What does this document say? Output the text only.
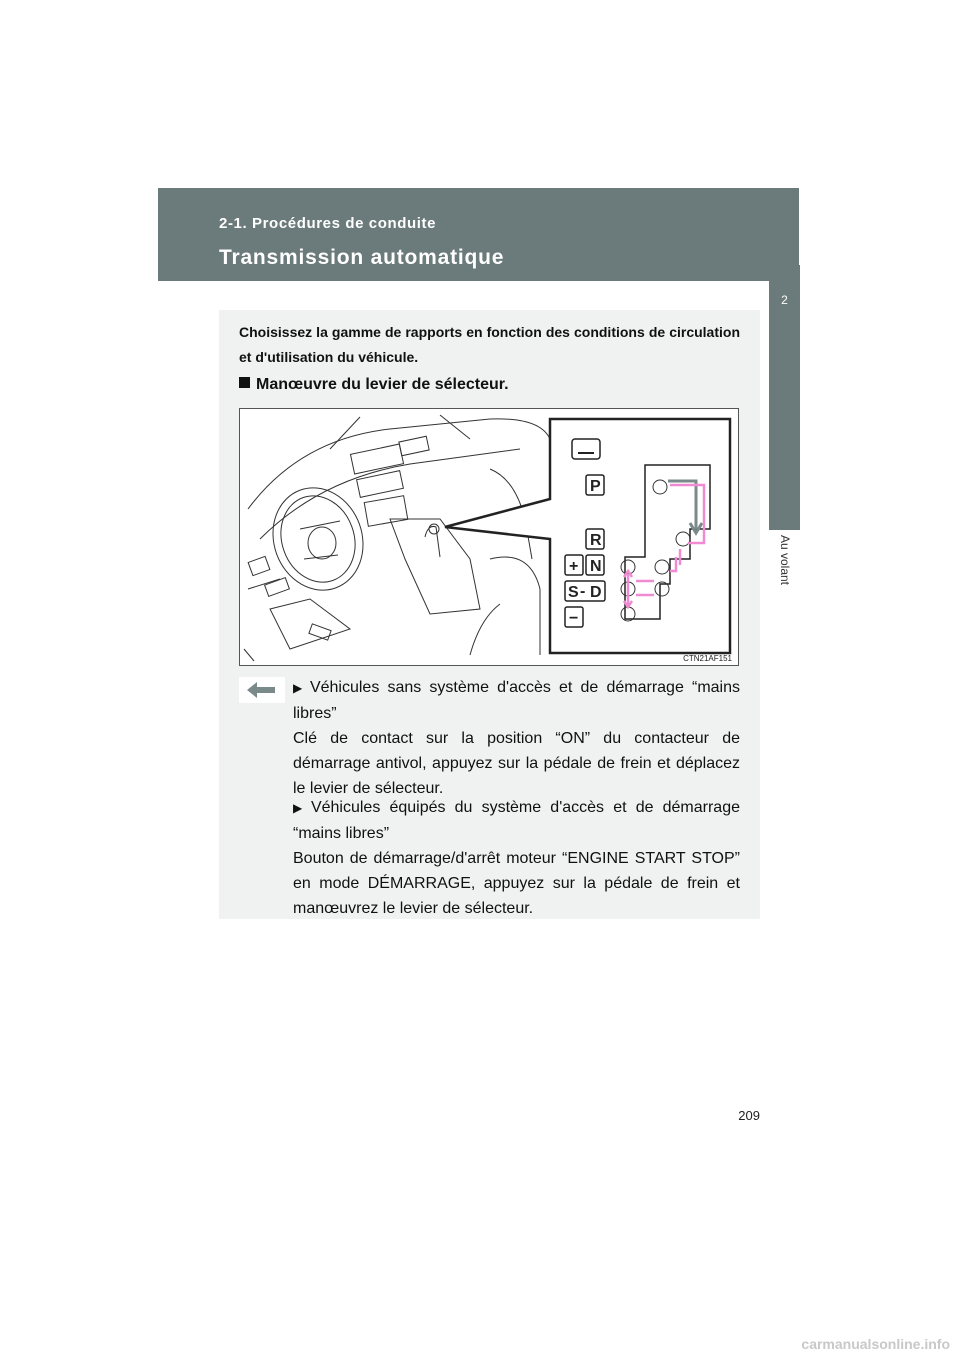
2-1. Procédures de conduite
Transmission automatique
2
Au volant
Choisissez la gamme de rapports en fonction des conditions de circulation et d'utilisation du véhicule.
Manœuvre du levier de sélecteur.
P
R
+ N
S - D
−
CTN21AF151
▶ Véhicules sans système d'accès et de démarrage “mains libres”
Clé de contact sur la position “ON” du contacteur de démarrage antivol, appuyez sur la pédale de frein et déplacez le levier de sélecteur.
▶ Véhicules équipés du système d'accès et de démarrage “mains libres”
Bouton de démarrage/d'arrêt moteur “ENGINE START STOP” en mode DÉMARRAGE, appuyez sur la pédale de frein et manœuvrez le levier de sélecteur.
209
carmanualsonline.info
